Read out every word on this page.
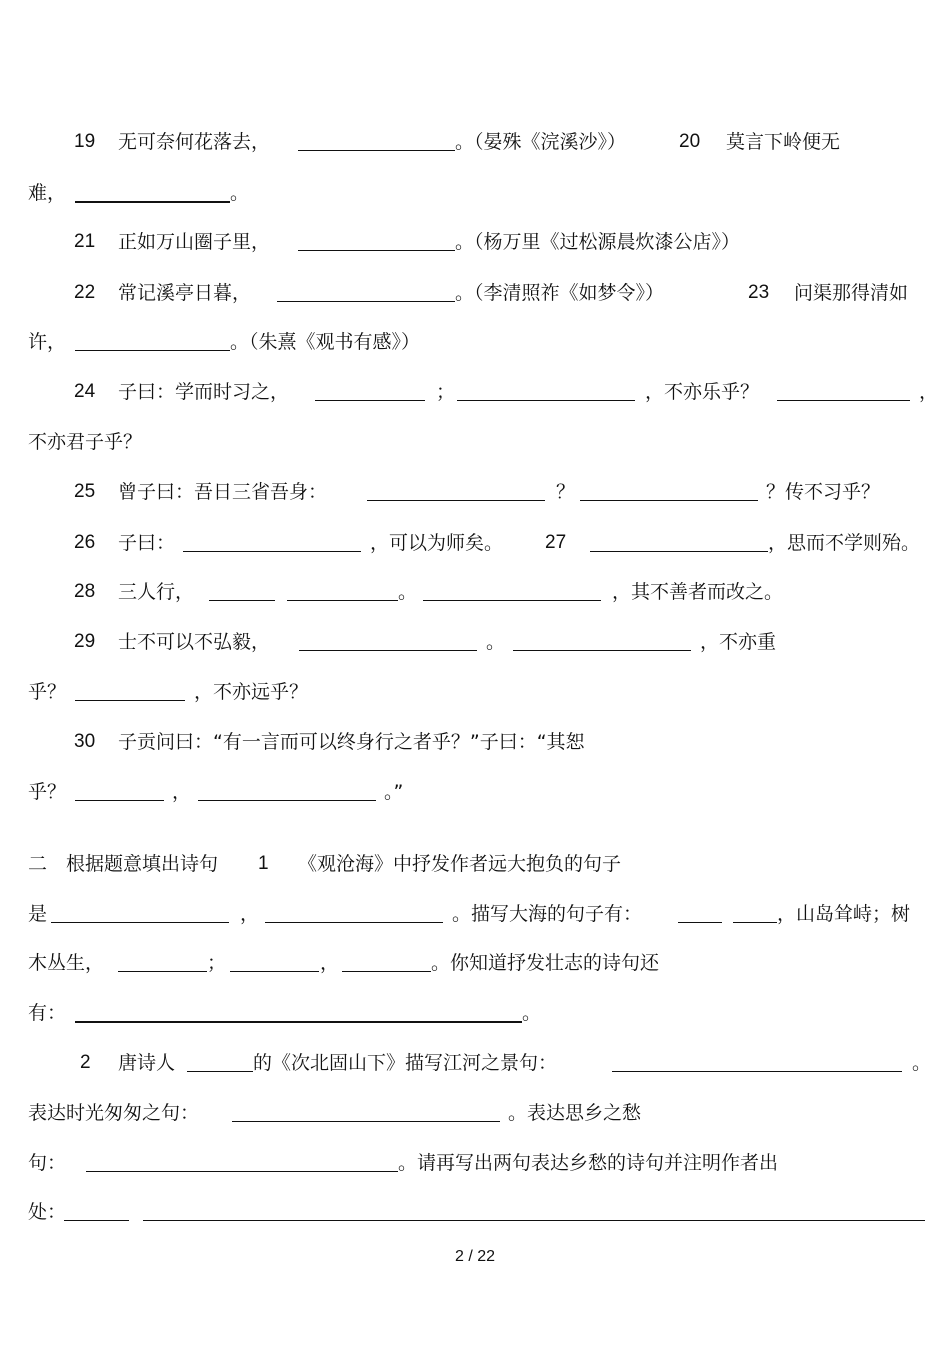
19 无可奈何花落去，	。（晏殊《浣溪沙》）	20 莫言下岭便无
难，	。
21 正如万山圈子里，	。（杨万里《过松源晨炊漆公店》）
22 常记溪亭日暮，	。（李清照祚《如梦令》）	23 问渠那得清如
许，	。（朱熹《观书有感》）
24 子曰：学而时习之，	；	，不亦乐乎？	，
不亦君子乎？
25 曾子曰：吾日三省吾身：	？	？传不习乎？
26 子曰：	，可以为师矣。 27	，思而不学则殆。
28 三人行，	。	，其不善者而改之。
29 士不可以不弘毅，	。	，不亦重
乎？	，不亦远乎？
30 子贡问曰：“有一言而可以终身行之者乎？”子曰：“其恕
乎？	，	。”
二　根据题意填出诗句 1 《观沧海》中抒发作者远大抱负的句子
是	，	。描写大海的句子有：	，山岛耸峙；树
木丛生，	；	，	。你知道抒发壮志的诗句还
有：	。
2 唐诗人	的《次北固山下》描写江河之景句：	。
表达时光匆匆之句：	。表达思乡之愁
句：	。请再写出两句表达乡愁的诗句并注明作者出
处：
2 / 22
